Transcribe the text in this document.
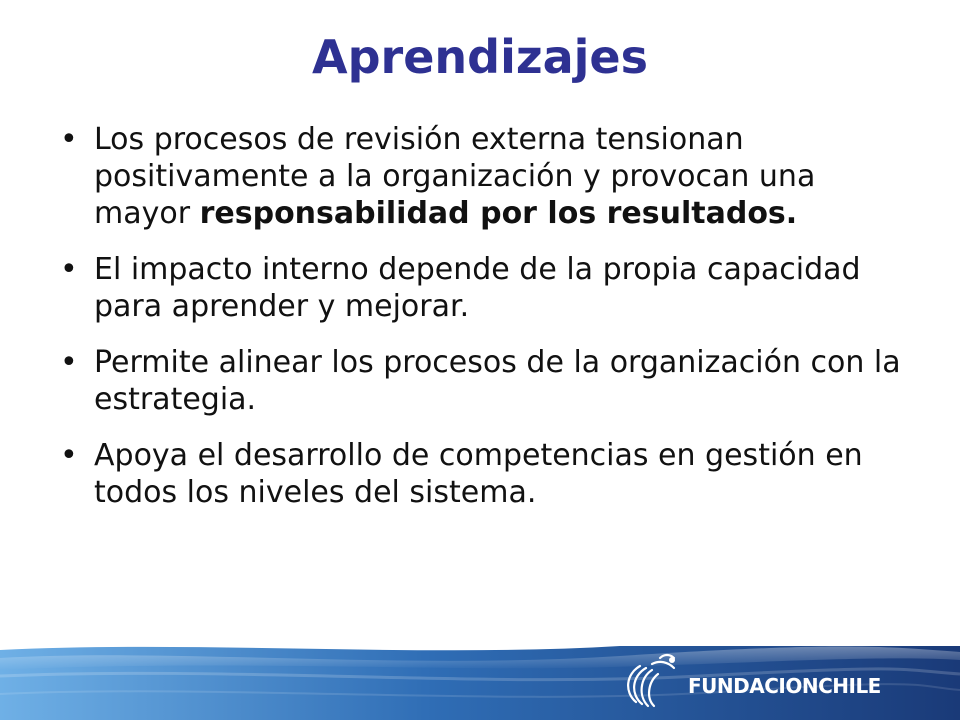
Aprendizajes
• Los procesos de revisión externa tensionan positivamente a la organización y provocan una mayor responsabilidad por los resultados.
• El impacto interno depende de la propia capacidad para aprender y mejorar.
• Permite alinear los procesos de la organización con la estrategia.
• Apoya el desarrollo de competencias en gestión en todos los niveles del sistema.
FUNDACIONCHILE
